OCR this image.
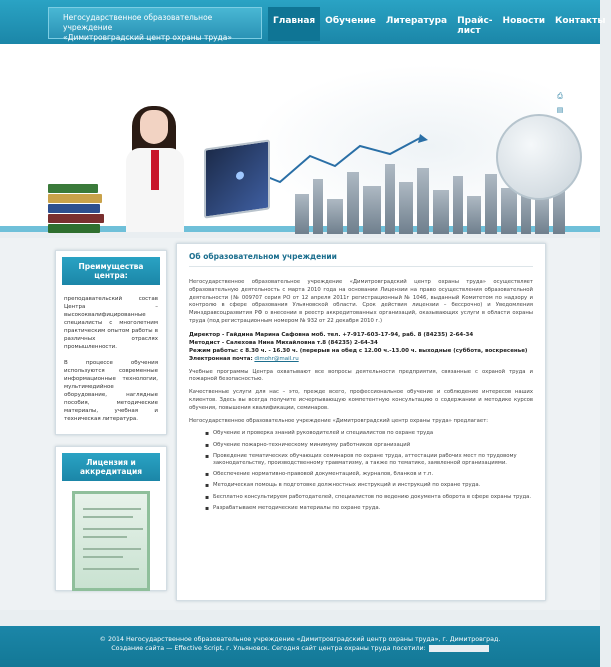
Негосударственное образовательное учреждение
«Димитровградский центр охраны труда»
Главная	Обучение	Литература	Прайс-лист
Новости	Контакты
⎙
▤
Преимущества центра:
преподавательский состав Центра – высококвалифицированные специалисты с многолетним практическим опытом работы в различных отраслях промышленности.
В процессе обучения используются современные информационные технологии, мультимедийное оборудование, наглядные пособия, методические материалы, учебная и техническая литература.
Лицензия и аккредитация
Об образовательном учреждении

Негосударственное образовательное учреждение «Димитровградский центр охраны труда» осуществляет образовательную деятельность с марта 2010 года на основании Лицензии на право осуществления образовательной деятельности (№ 009707 серия РО от 12 апреля 2011г регистрационный № 1046, выданный Комитетом по надзору и контролю в сфере образования Ульяновской области. Срок действия лицензии – бессрочно) и Уведомления Минздравсоцразвития РФ о внесении в реестр аккредитованных организаций, оказывающих услуги в области охраны труда (под регистрационным номером № 932 от 22 декабря 2010 г.)

Директор - Гайдина Марина Сафовна моб. тел. +7-917-603-17-94, раб. 8 (84235) 2-64-34
Методист - Салехова Нина Михайловна т.8 (84235) 2-64-34
Режим работы: с 8.30 ч. - 16.30 ч. (перерыв на обед с 12.00 ч.-13.00 ч. выходные (суббота, воскресенье)
Электронная почта: dimohr@mail.ru

Учебные программы Центра охватывают все вопросы деятельности предприятия, связанные с охраной труда и пожарной безопасностью.

Качественные услуги для нас – это, прежде всего, профессиональное обучение и соблюдение интересов наших клиентов. Здесь вы всегда получите исчерпывающую компетентную консультацию о содержании и методике курсов обучения, повышения квалификации, семинаров.

Негосударственное образовательное учреждение «Димитровградский центр охраны труда» предлагает:

▪ Обучение и проверка знаний руководителей и специалистов по охране труда
▪ Обучение пожарно-техническому минимуму работников организаций
▪ Проведение тематических обучающих семинаров по охране труда, аттестации рабочих мест по трудовому законодательству, производственному травматизму, а также по тематике, заявленной организациями.
▪ Обеспечение нормативно-правовой документацией, журналов, бланков и т.п.
▪ Методическая помощь в подготовке должностных инструкций и инструкций по охране труда.
▪ Бесплатно консультируем работодателей, специалистов по ведению документа оборота в сфере охраны труда.
▪ Разрабатываем методические материалы по охране труда.
© 2014 Негосударственное образовательное учреждение «Димитровградский центр охраны труда», г. Димитровград.
Создание сайта — Effective Script, г. Ульяновск. Сегодня сайт центра охраны труда посетили:
